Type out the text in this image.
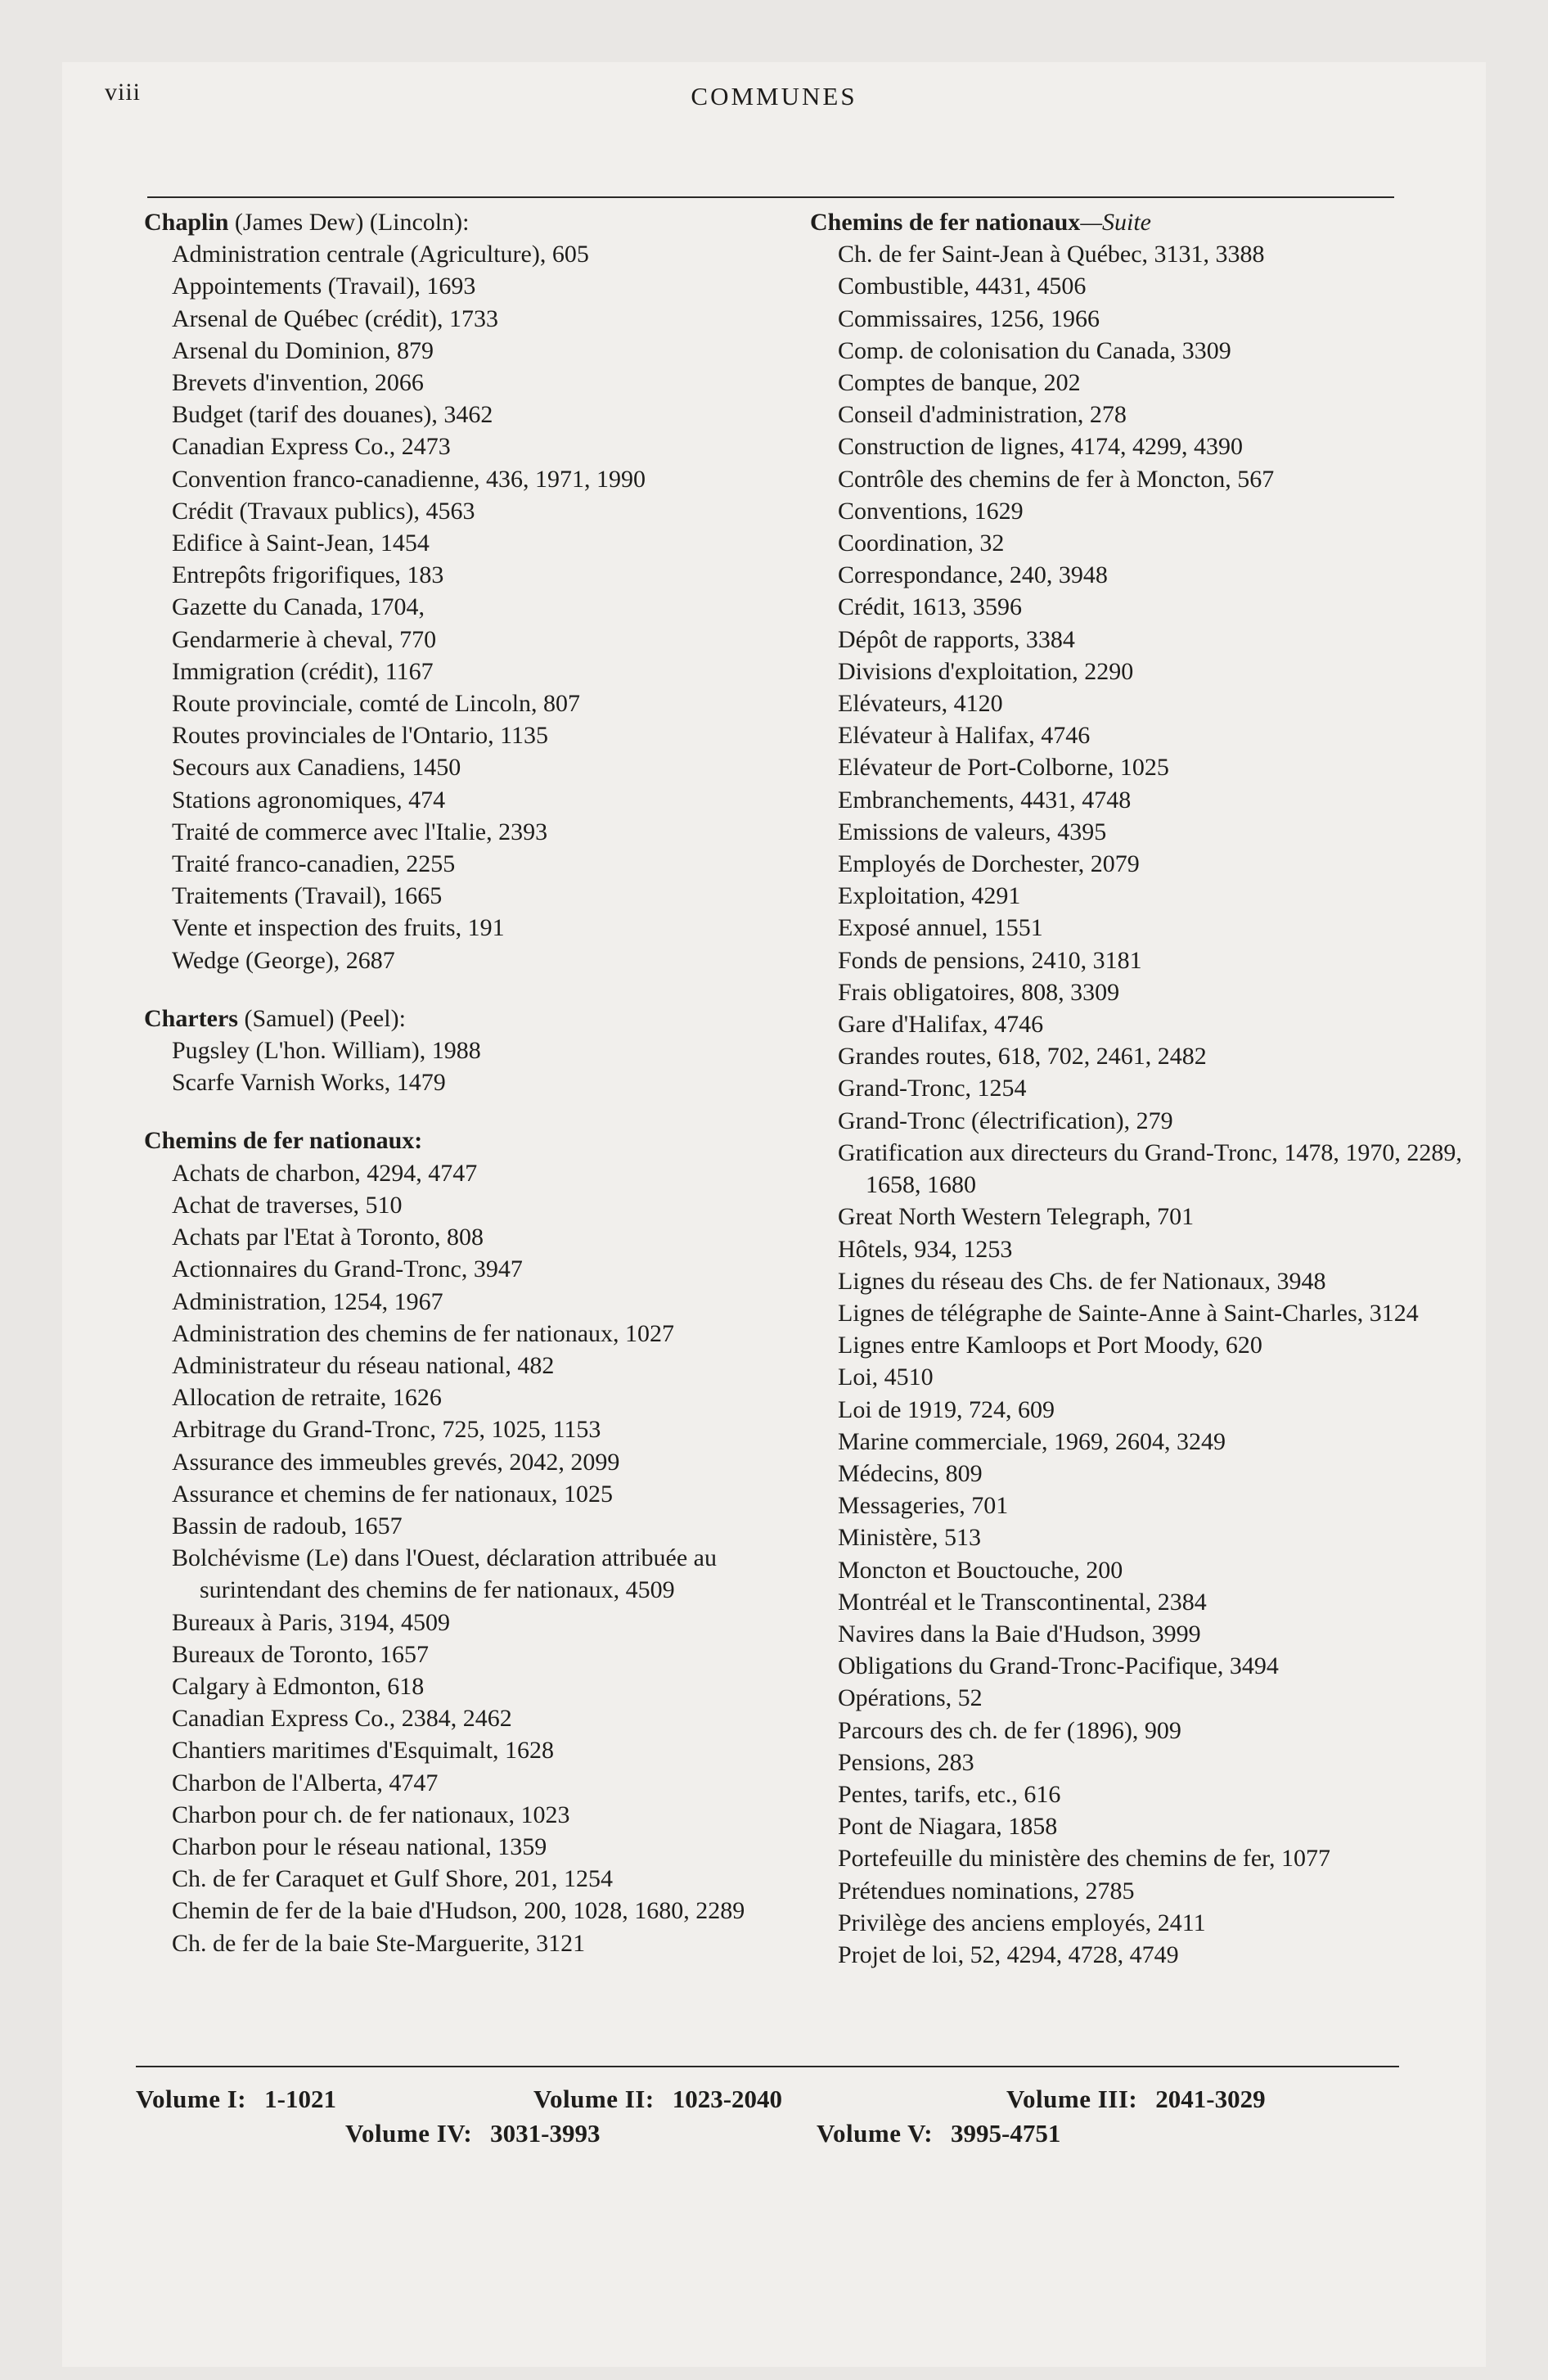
viii	COMMUNES
Chaplin (James Dew) (Lincoln):
Administration centrale (Agriculture), 605
Appointements (Travail), 1693
Arsenal de Québec (crédit), 1733
Arsenal du Dominion, 879
Brevets d'invention, 2066
Budget (tarif des douanes), 3462
Canadian Express Co., 2473
Convention franco-canadienne, 436, 1971, 1990
Crédit (Travaux publics), 4563
Edifice à Saint-Jean, 1454
Entrepôts frigorifiques, 183
Gazette du Canada, 1704,
Gendarmerie à cheval, 770
Immigration (crédit), 1167
Route provinciale, comté de Lincoln, 807
Routes provinciales de l'Ontario, 1135
Secours aux Canadiens, 1450
Stations agronomiques, 474
Traité de commerce avec l'Italie, 2393
Traité franco-canadien, 2255
Traitements (Travail), 1665
Vente et inspection des fruits, 191
Wedge (George), 2687
Charters (Samuel) (Peel):
Pugsley (L'hon. William), 1988
Scarfe Varnish Works, 1479
Chemins de fer nationaux:
Achats de charbon, 4294, 4747
Achat de traverses, 510
Achats par l'Etat à Toronto, 808
Actionnaires du Grand-Tronc, 3947
Administration, 1254, 1967
Administration des chemins de fer nationaux, 1027
Administrateur du réseau national, 482
Allocation de retraite, 1626
Arbitrage du Grand-Tronc, 725, 1025, 1153
Assurance des immeubles grevés, 2042, 2099
Assurance et chemins de fer nationaux, 1025
Bassin de radoub, 1657
Bolchévisme (Le) dans l'Ouest, déclaration attribuée au surintendant des chemins de fer nationaux, 4509
Bureaux à Paris, 3194, 4509
Bureaux de Toronto, 1657
Calgary à Edmonton, 618
Canadian Express Co., 2384, 2462
Chantiers maritimes d'Esquimalt, 1628
Charbon de l'Alberta, 4747
Charbon pour ch. de fer nationaux, 1023
Charbon pour le réseau national, 1359
Ch. de fer Caraquet et Gulf Shore, 201, 1254
Chemin de fer de la baie d'Hudson, 200, 1028, 1680, 2289
Ch. de fer de la baie Ste-Marguerite, 3121
Chemins de fer nationaux—Suite
Ch. de fer Saint-Jean à Québec, 3131, 3388
Combustible, 4431, 4506
Commissaires, 1256, 1966
Comp. de colonisation du Canada, 3309
Comptes de banque, 202
Conseil d'administration, 278
Construction de lignes, 4174, 4299, 4390
Contrôle des chemins de fer à Moncton, 567
Conventions, 1629
Coordination, 32
Correspondance, 240, 3948
Crédit, 1613, 3596
Dépôt de rapports, 3384
Divisions d'exploitation, 2290
Elévateurs, 4120
Elévateur à Halifax, 4746
Elévateur de Port-Colborne, 1025
Embranchements, 4431, 4748
Emissions de valeurs, 4395
Employés de Dorchester, 2079
Exploitation, 4291
Exposé annuel, 1551
Fonds de pensions, 2410, 3181
Frais obligatoires, 808, 3309
Gare d'Halifax, 4746
Grandes routes, 618, 702, 2461, 2482
Grand-Tronc, 1254
Grand-Tronc (électrification), 279
Gratification aux directeurs du Grand-Tronc, 1478, 1970, 2289, 1658, 1680
Great North Western Telegraph, 701
Hôtels, 934, 1253
Lignes du réseau des Chs. de fer Nationaux, 3948
Lignes de télégraphe de Sainte-Anne à Saint-Charles, 3124
Lignes entre Kamloops et Port Moody, 620
Loi, 4510
Loi de 1919, 724, 609
Marine commerciale, 1969, 2604, 3249
Médecins, 809
Messageries, 701
Ministère, 513
Moncton et Bouctouche, 200
Montréal et le Transcontinental, 2384
Navires dans la Baie d'Hudson, 3999
Obligations du Grand-Tronc-Pacifique, 3494
Opérations, 52
Parcours des ch. de fer (1896), 909
Pensions, 283
Pentes, tarifs, etc., 616
Pont de Niagara, 1858
Portefeuille du ministère des chemins de fer, 1077
Prétendues nominations, 2785
Privilège des anciens employés, 2411
Projet de loi, 52, 4294, 4728, 4749
Volume I: 1-1021	Volume II: 1023-2040	Volume III: 2041-3029
Volume IV: 3031-3993	Volume V: 3995-4751
